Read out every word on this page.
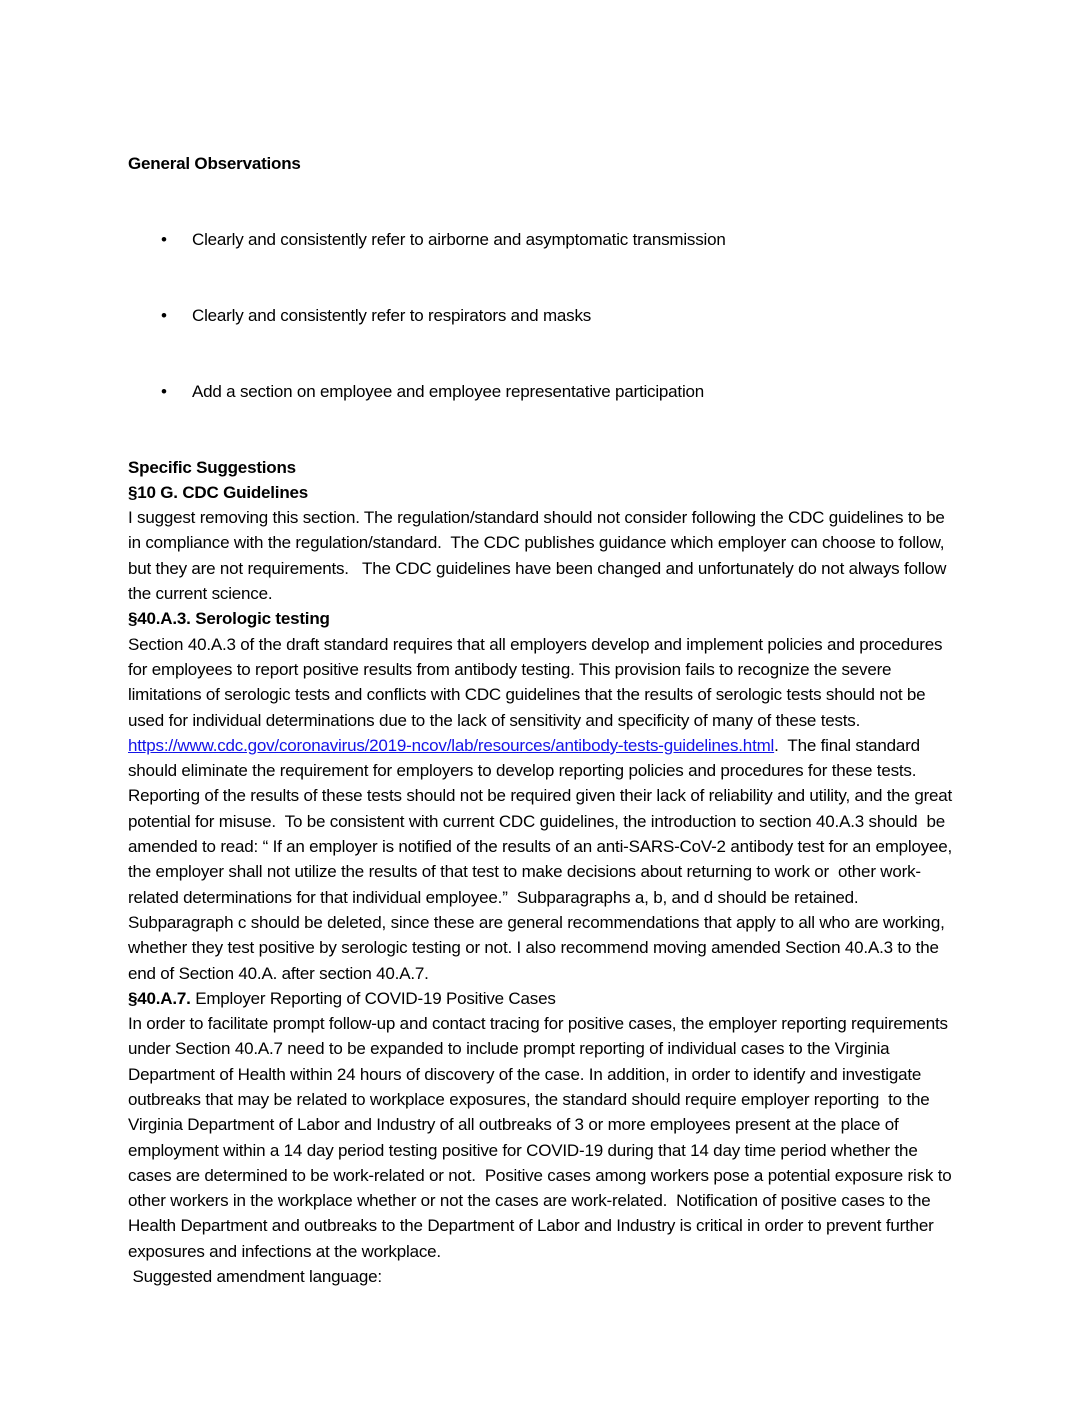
General Observations

• Clearly and consistently refer to airborne and asymptomatic transmission

• Clearly and consistently refer to respirators and masks

• Add a section on employee and employee representative participation

Specific Suggestions
§10 G. CDC Guidelines

I suggest removing this section. The regulation/standard should not consider following the CDC guidelines to be in compliance with the regulation/standard.  The CDC publishes guidance which employer can choose to follow, but they are not requirements.   The CDC guidelines have been changed and unfortunately do not always follow the current science.

§40.A.3. Serologic testing

Section 40.A.3 of the draft standard requires that all employers develop and implement policies and procedures for employees to report positive results from antibody testing. This provision fails to recognize the severe limitations of serologic tests and conflicts with CDC guidelines that the results of serologic tests should not be used for individual determinations due to the lack of sensitivity and specificity of many of these tests. https://www.cdc.gov/coronavirus/2019-ncov/lab/resources/antibody-tests-guidelines.html.  The final standard should eliminate the requirement for employers to develop reporting policies and procedures for these tests. Reporting of the results of these tests should not be required given their lack of reliability and utility, and the great potential for misuse.  To be consistent with current CDC guidelines, the introduction to section 40.A.3 should  be amended to read: “ If an employer is notified of the results of an anti-SARS-CoV-2 antibody test for an employee, the employer shall not utilize the results of that test to make decisions about returning to work or  other work-related determinations for that individual employee.”  Subparagraphs a, b, and d should be retained. Subparagraph c should be deleted, since these are general recommendations that apply to all who are working, whether they test positive by serologic testing or not. I also recommend moving amended Section 40.A.3 to the end of Section 40.A. after section 40.A.7.

§40.A.7. Employer Reporting of COVID-19 Positive Cases

In order to facilitate prompt follow-up and contact tracing for positive cases, the employer reporting requirements under Section 40.A.7 need to be expanded to include prompt reporting of individual cases to the Virginia Department of Health within 24 hours of discovery of the case. In addition, in order to identify and investigate outbreaks that may be related to workplace exposures, the standard should require employer reporting  to the Virginia Department of Labor and Industry of all outbreaks of 3 or more employees present at the place of employment within a 14 day period testing positive for COVID-19 during that 14 day time period whether the cases are determined to be work-related or not.  Positive cases among workers pose a potential exposure risk to other workers in the workplace whether or not the cases are work-related.  Notification of positive cases to the Health Department and outbreaks to the Department of Labor and Industry is critical in order to prevent further exposures and infections at the workplace.

Suggested amendment language:
